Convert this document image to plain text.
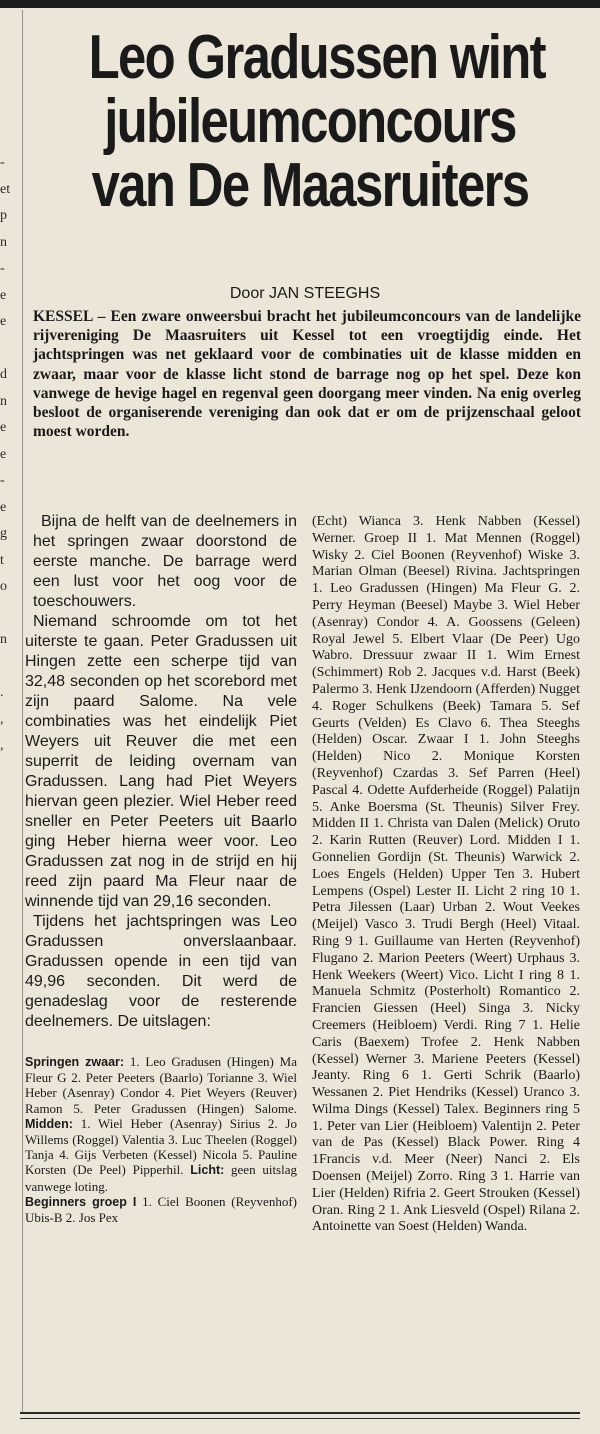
-
et
p
n
-
e
e

d
n
e
e
-
e
g
t
o

n

.
,
,
Leo Gradussen wint
jubileumconcours
van De Maasruiters
Door JAN STEEGHS

KESSEL – Een zware onweersbui bracht het jubileumconcours van de landelijke rijvereniging De Maasruiters uit Kessel tot een vroegtijdig einde. Het jachtspringen was net geklaard voor de combinaties uit de klasse midden en zwaar, maar voor de klasse licht stond de barrage nog op het spel. Deze kon vanwege de hevige hagel en regenval geen doorgang meer vinden. Na enig overleg besloot de organiserende vereniging dan ook dat er om de prijzenschaal geloot moest worden.

Bijna de helft van de deelnemers in het springen zwaar doorstond de eerste manche. De barrage werd een lust voor het oog voor de toeschouwers.

Niemand schroomde om tot het uiterste te gaan. Peter Gradussen uit Hingen zette een scherpe tijd van 32,48 seconden op het scorebord met zijn paard Salome. Na vele combinaties was het eindelijk Piet Weyers uit Reuver die met een superrit de leiding overnam van Gradussen. Lang had Piet Weyers hiervan geen plezier. Wiel Heber reed sneller en Peter Peeters uit Baarlo ging Heber hierna weer voor. Leo Gradussen zat nog in de strijd en hij reed zijn paard Ma Fleur naar de winnende tijd van 29,16 seconden.

Tijdens het jachtspringen was Leo Gradussen onverslaanbaar. Gradussen opende in een tijd van 49,96 seconden. Dit werd de genadeslag voor de resterende deelnemers. De uitslagen:

Springen zwaar: 1. Leo Gradusen (Hingen) Ma Fleur G 2. Peter Peeters (Baarlo) Torianne 3. Wiel Heber (Asenray) Condor 4. Piet Weyers (Reuver) Ramon 5. Peter Gradussen (Hingen) Salome. Midden: 1. Wiel Heber (Asenray) Sirius 2. Jo Willems (Roggel) Valentia 3. Luc Theelen (Roggel) Tanja 4. Gijs Verbeten (Kessel) Nicola 5. Pauline Korsten (De Peel) Pipperhil. Licht: geen uitslag vanwege loting.
Beginners groep I 1. Ciel Boonen (Reyvenhof) Ubis-B 2. Jos Pex

(Echt) Wianca 3. Henk Nabben (Kessel) Werner. Groep II 1. Mat Mennen (Roggel) Wisky 2. Ciel Boonen (Reyvenhof) Wiske 3. Marian Olman (Beesel) Rivina. Jachtspringen 1. Leo Gradussen (Hingen) Ma Fleur G. 2. Perry Heyman (Beesel) Maybe 3. Wiel Heber (Asenray) Condor 4. A. Goossens (Geleen) Royal Jewel 5. Elbert Vlaar (De Peer) Ugo Wabro. Dressuur zwaar II 1. Wim Ernest (Schimmert) Rob 2. Jacques v.d. Harst (Beek) Palermo 3. Henk IJzendoorn (Afferden) Nugget 4. Roger Schulkens (Beek) Tamara 5. Sef Geurts (Velden) Es Clavo 6. Thea Steeghs (Helden) Oscar. Zwaar I 1. John Steeghs (Helden) Nico 2. Monique Korsten (Reyvenhof) Czardas 3. Sef Parren (Heel) Pascal 4. Odette Aufderheide (Roggel) Palatijn 5. Anke Boersma (St. Theunis) Silver Frey. Midden II 1. Christa van Dalen (Melick) Oruto 2. Karin Rutten (Reuver) Lord. Midden I 1. Gonnelien Gordijn (St. Theunis) Warwick 2. Loes Engels (Helden) Upper Ten 3. Hubert Lempens (Ospel) Lester II. Licht 2 ring 10 1. Petra Jilessen (Laar) Urban 2. Wout Veekes (Meijel) Vasco 3. Trudi Bergh (Heel) Vitaal. Ring 9 1. Guillaume van Herten (Reyvenhof) Flugano 2. Marion Peeters (Weert) Urphaus 3. Henk Weekers (Weert) Vico. Licht I ring 8 1. Manuela Schmitz (Posterholt) Romantico 2. Francien Giessen (Heel) Singa 3. Nicky Creemers (Heibloem) Verdi. Ring 7 1. Helie Caris (Baexem) Trofee 2. Henk Nabben (Kessel) Werner 3. Mariene Peeters (Kessel) Jeanty. Ring 6 1. Gerti Schrik (Baarlo) Wessanen 2. Piet Hendriks (Kessel) Uranco 3. Wilma Dings (Kessel) Talex. Beginners ring 5 1. Peter van Lier (Heibloem) Valentijn 2. Peter van de Pas (Kessel) Black Power. Ring 4 1Francis v.d. Meer (Neer) Nanci 2. Els Doensen (Meijel) Zorro. Ring 3 1. Harrie van Lier (Helden) Rifria 2. Geert Strouken (Kessel) Oran. Ring 2 1. Ank Liesveld (Ospel) Rilana 2. Antoinette van Soest (Helden) Wanda.
